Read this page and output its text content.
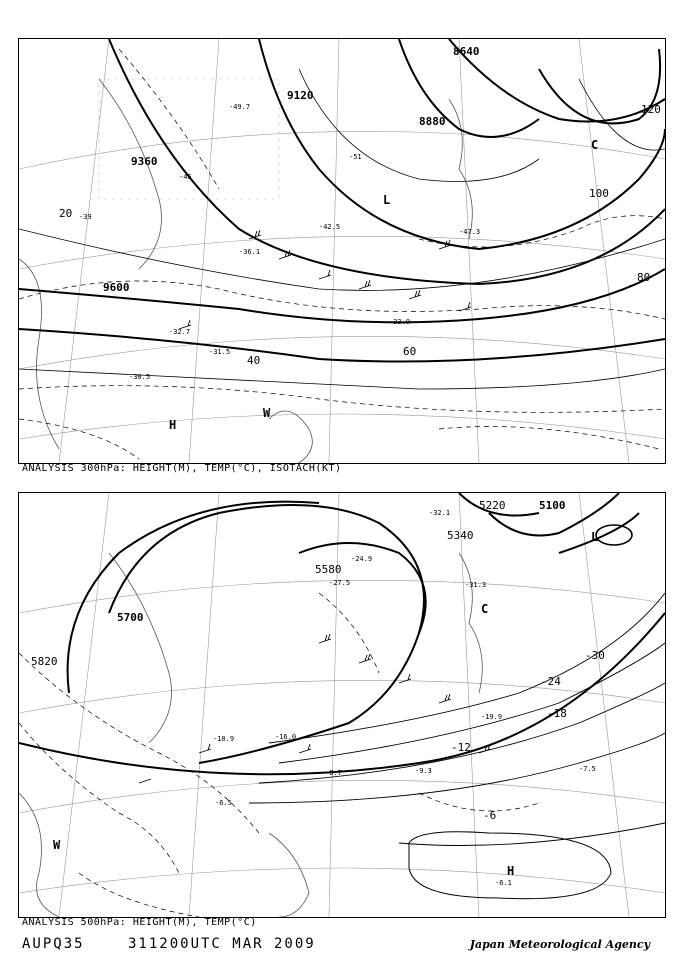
8640
8880
9120
9360
9600
20
40
60
80
100
120
-51
-49.7
-47.3
-45
-42.5
-39
-36.1
-33.9
-32.7
-31.5
-30.5
L
H
C
W
ANALYSIS 300hPa: HEIGHT(M), TEMP(°C), ISOTACH(KT)
5700
5100
5220
5340
5580
5820	-30
-24
-18
-12
-6
-32.1
-31.3
-27.5
-24.9
-19.9
-16.0
-10.9
-9.3
-8.7	-7.5
-6.5
-6.1
L
H
C
W
ANALYSIS 500hPa: HEIGHT(M), TEMP(°C)
AUPQ35	311200UTC MAR 2009	Japan Meteorological Agency
